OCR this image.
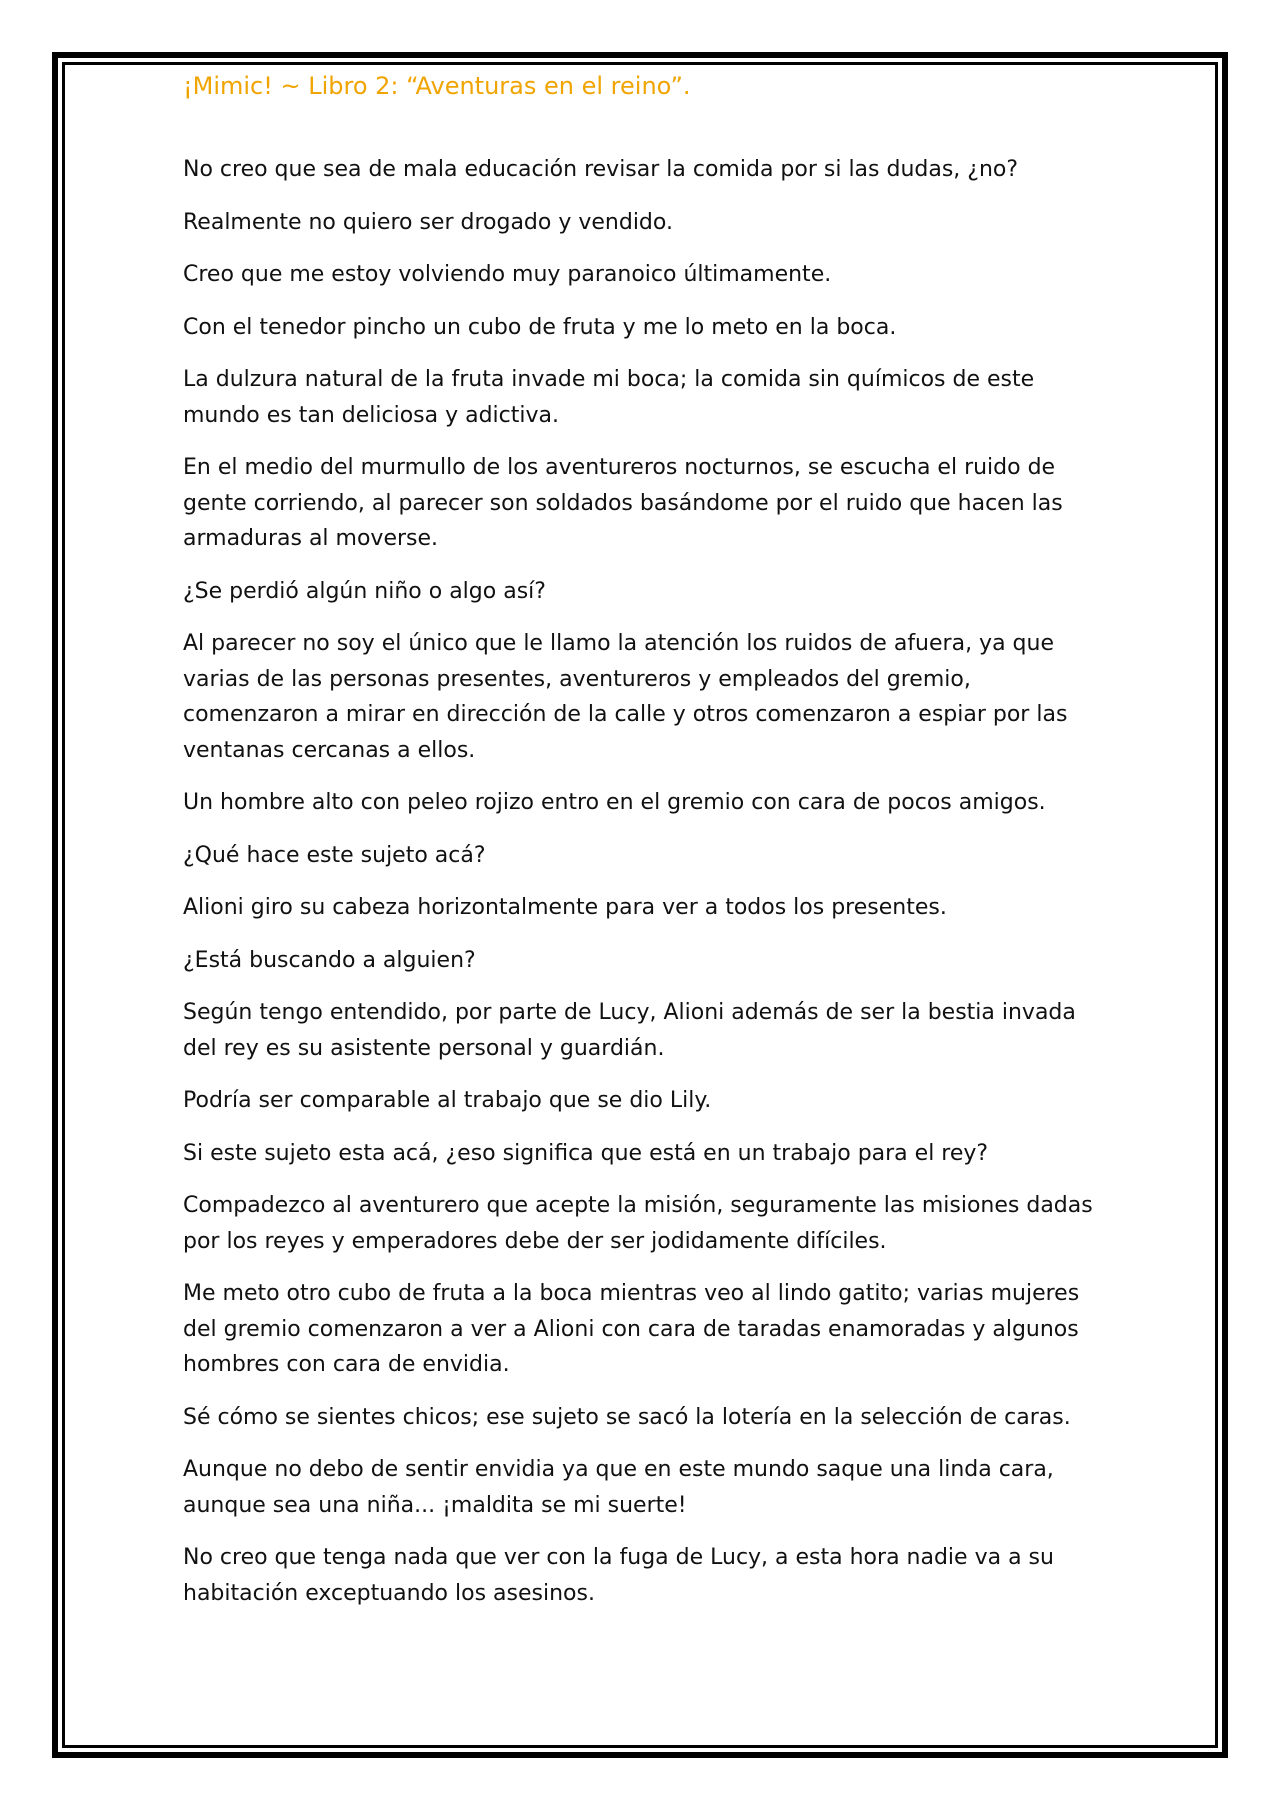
¡Mimic! ~ Libro 2: “Aventuras en el reino”.

No creo que sea de mala educación revisar la comida por si las dudas, ¿no?

Realmente no quiero ser drogado y vendido.

Creo que me estoy volviendo muy paranoico últimamente.

Con el tenedor pincho un cubo de fruta y me lo meto en la boca.

La dulzura natural de la fruta invade mi boca; la comida sin químicos de este mundo es tan deliciosa y adictiva.

En el medio del murmullo de los aventureros nocturnos, se escucha el ruido de gente corriendo, al parecer son soldados basándome por el ruido que hacen las armaduras al moverse.

¿Se perdió algún niño o algo así?

Al parecer no soy el único que le llamo la atención los ruidos de afuera, ya que varias de las personas presentes, aventureros y empleados del gremio, comenzaron a mirar en dirección de la calle y otros comenzaron a espiar por las ventanas cercanas a ellos.

Un hombre alto con peleo rojizo entro en el gremio con cara de pocos amigos.

¿Qué hace este sujeto acá?

Alioni giro su cabeza horizontalmente para ver a todos los presentes.

¿Está buscando a alguien?

Según tengo entendido, por parte de Lucy, Alioni además de ser la bestia invada del rey es su asistente personal y guardián.

Podría ser comparable al trabajo que se dio Lily.

Si este sujeto esta acá, ¿eso significa que está en un trabajo para el rey?

Compadezco al aventurero que acepte la misión, seguramente las misiones dadas por los reyes y emperadores debe der ser jodidamente difíciles.

Me meto otro cubo de fruta a la boca mientras veo al lindo gatito; varias mujeres del gremio comenzaron a ver a Alioni con cara de taradas enamoradas y algunos hombres con cara de envidia.

Sé cómo se sientes chicos; ese sujeto se sacó la lotería en la selección de caras.

Aunque no debo de sentir envidia ya que en este mundo saque una linda cara, aunque sea una niña... ¡maldita se mi suerte!

No creo que tenga nada que ver con la fuga de Lucy, a esta hora nadie va a su habitación exceptuando los asesinos.
